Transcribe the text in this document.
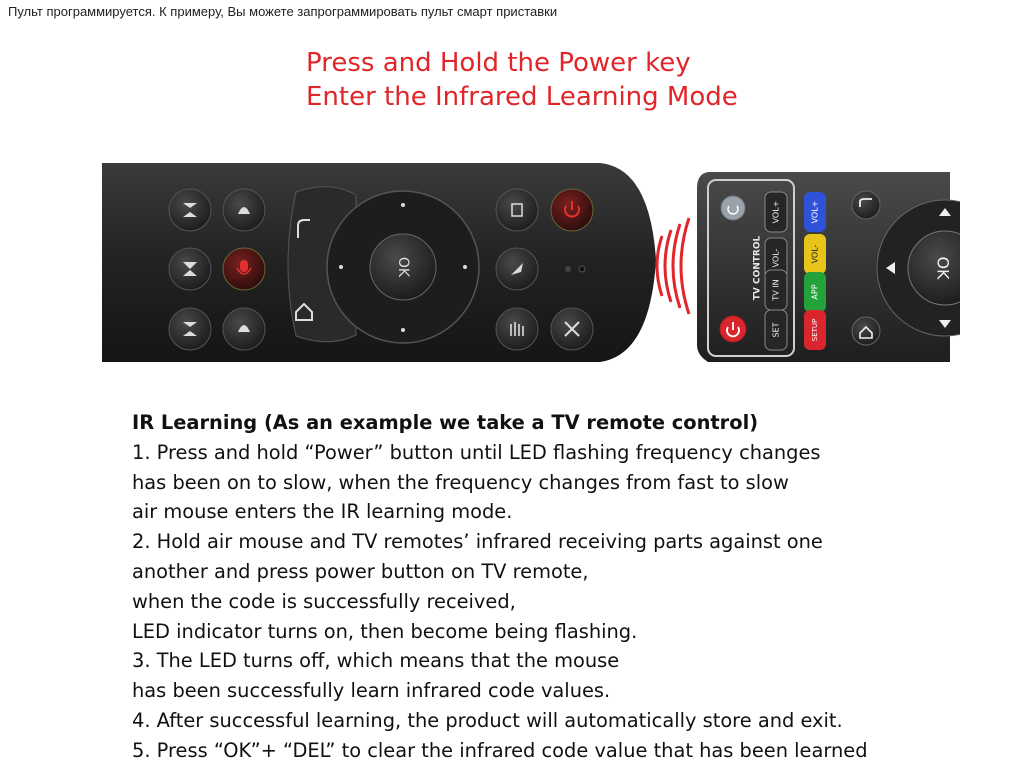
Пульт программируется. К примеру, Вы можете запрограммировать пульт смарт приставки
Press and Hold the Power key
Enter the Infrared Learning Mode
OK	TV CONTROL
VOL+
VOL-
TV IN
SET
VOL+
VOL-
APP
SETUP
OK
IR Learning (As an example we take a TV remote control)
1. Press and hold “Power” button until LED flashing frequency changes
has been on to slow, when the frequency changes from fast to slow
air mouse enters the IR learning mode.
2. Hold air mouse and TV remotes’ infrared receiving parts against one
another and press power button on TV remote,
when the code is successfully received,
LED indicator turns on, then become being flashing.
3. The LED turns off, which means that the mouse
has been successfully learn infrared code values.
4. After successful learning, the product will automatically store and exit.
5. Press “OK”+ “DEL” to clear the infrared code value that has been learned
